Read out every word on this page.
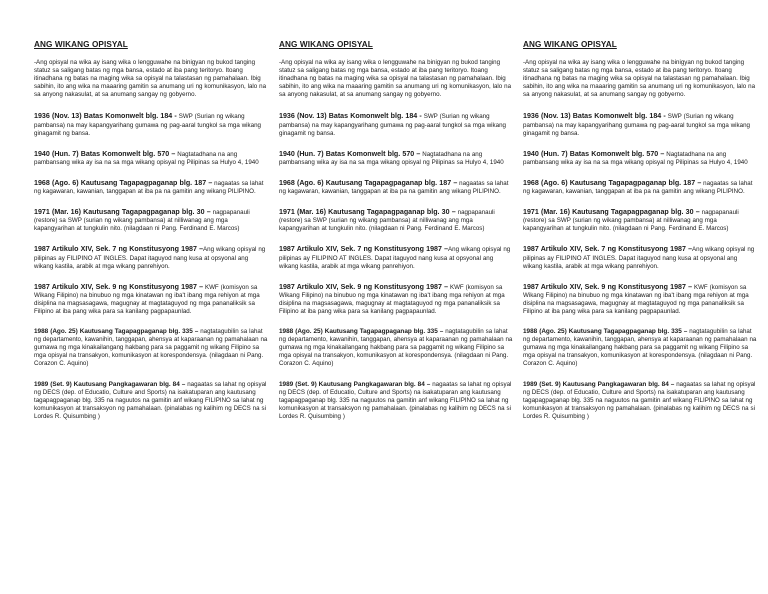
ANG WIKANG OPISYAL
-Ang opisyal na wika ay isang wika o lengguwahe na binigyan ng bukod tanging statuz sa saligang batas ng mga bansa, estado at iba pang teritoryo. Itoang itinadhana ng batas na maging wika sa opisyal na talastasan ng pamahalaan. Ibig sabihin, ito ang wika na maaaring gamitin sa anumang uri ng komunikasyon, lalo na sa anyong nakasulat, at sa anumang sangay ng gobyerno.
1936 (Nov. 13) Batas Komonwelt blg. 184 - SWP (Surian ng wikang pambansa) na may kapangyarihang gumawa ng pag-aaral tungkol sa mga wikang ginagamit ng bansa.
1940 (Hun. 7) Batas Komonwelt blg. 570 – Nagtatadhana na ang pambansang wika ay isa na sa mga wikang opisyal ng Pilipinas sa Hulyo 4, 1940
1968 (Ago. 6) Kautusang Tagapagpaganap blg. 187 – nagaatas sa lahat ng kagawaran, kawanian, tanggapan at iba pa na gamitin ang wikang PILIPINO.
1971 (Mar. 16) Kautusang Tagapagpaganap blg. 30 – nagpapanauli (restore) sa SWP (surian ng wikang pambansa) at nilliwanag ang mga kapangyarihan at tungkulin nito. (nilagdaan ni Pang. Ferdinand E. Marcos)
1987 Artikulo XIV, Sek. 7 ng Konstitusyong 1987 –Ang wikang opisyal ng pilipinas ay FILIPINO AT INGLES. Dapat itaguyod nang kusa at opsyonal ang wikang kastila, arabik at mga wikang panrehiyon.
1987 Artikulo XIV, Sek. 9 ng Konstitusyong 1987 – KWF (komisyon sa Wikang Filipino) na binubuo ng mga kinatawan ng iba't ibang mga rehiyon at mga disiplina na magsasagawa, magugnay at magtataguyod ng mga pananaliksik sa Filipino at iba pang wika para sa kanilang pagpapaunlad.
1988 (Ago. 25) Kautusang Tagapagpaganap blg. 335 – nagtatagubilin sa lahat ng departamento, kawanihin, tanggapan, ahensya at kaparaanan ng pamahalaan na gumawa ng mga kinakailangang hakbang para sa paggamit ng wikang Filipino sa mga opisyal na transakyon, komunikasyon at korespondensya. (nilagdaan ni Pang. Corazon C. Aquino)
1989 (Set. 9) Kautusang Pangkagawaran blg. 84 – nagaatas sa lahat ng opisyal ng DECS (dep. of Educatio, Culture and Sports) na isakatuparan ang kautusang tagapagpaganap blg. 335 na naguutos na gamitin anf wikang FILIPINO sa lahat ng komunikasyon at transaksyon ng pamahalaan. (pinalabas ng kalihim ng DECS na si Lordes R. Quisumbing )
ANG WIKANG OPISYAL
-Ang opisyal na wika ay isang wika o lengguwahe na binigyan ng bukod tanging statuz sa saligang batas ng mga bansa, estado at iba pang teritoryo. Itoang itinadhana ng batas na maging wika sa opisyal na talastasan ng pamahalaan. Ibig sabihin, ito ang wika na maaaring gamitin sa anumang uri ng komunikasyon, lalo na sa anyong nakasulat, at sa anumang sangay ng gobyerno.
1936 (Nov. 13) Batas Komonwelt blg. 184 - SWP (Surian ng wikang pambansa) na may kapangyarihang gumawa ng pag-aaral tungkol sa mga wikang ginagamit ng bansa.
1940 (Hun. 7) Batas Komonwelt blg. 570 – Nagtatadhana na ang pambansang wika ay isa na sa mga wikang opisyal ng Pilipinas sa Hulyo 4, 1940
1968 (Ago. 6) Kautusang Tagapagpaganap blg. 187 – nagaatas sa lahat ng kagawaran, kawanian, tanggapan at iba pa na gamitin ang wikang PILIPINO.
1971 (Mar. 16) Kautusang Tagapagpaganap blg. 30 – nagpapanauli (restore) sa SWP (surian ng wikang pambansa) at nilliwanag ang mga kapangyarihan at tungkulin nito. (nilagdaan ni Pang. Ferdinand E. Marcos)
1987 Artikulo XIV, Sek. 7 ng Konstitusyong 1987 –Ang wikang opisyal ng pilipinas ay FILIPINO AT INGLES. Dapat itaguyod nang kusa at opsyonal ang wikang kastila, arabik at mga wikang panrehiyon.
1987 Artikulo XIV, Sek. 9 ng Konstitusyong 1987 – KWF (komisyon sa Wikang Filipino) na binubuo ng mga kinatawan ng iba't ibang mga rehiyon at mga disiplina na magsasagawa, magugnay at magtataguyod ng mga pananaliksik sa Filipino at iba pang wika para sa kanilang pagpapaunlad.
1988 (Ago. 25) Kautusang Tagapagpaganap blg. 335 – nagtatagubilin sa lahat ng departamento, kawanihin, tanggapan, ahensya at kaparaanan ng pamahalaan na gumawa ng mga kinakailangang hakbang para sa paggamit ng wikang Filipino sa mga opisyal na transakyon, komunikasyon at korespondensya. (nilagdaan ni Pang. Corazon C. Aquino)
1989 (Set. 9) Kautusang Pangkagawaran blg. 84 – nagaatas sa lahat ng opisyal ng DECS (dep. of Educatio, Culture and Sports) na isakatuparan ang kautusang tagapagpaganap blg. 335 na naguutos na gamitin anf wikang FILIPINO sa lahat ng komunikasyon at transaksyon ng pamahalaan. (pinalabas ng kalihim ng DECS na si Lordes R. Quisumbing )
ANG WIKANG OPISYAL
-Ang opisyal na wika ay isang wika o lengguwahe na binigyan ng bukod tanging statuz sa saligang batas ng mga bansa, estado at iba pang teritoryo. Itoang itinadhana ng batas na maging wika sa opisyal na talastasan ng pamahalaan. Ibig sabihin, ito ang wika na maaaring gamitin sa anumang uri ng komunikasyon, lalo na sa anyong nakasulat, at sa anumang sangay ng gobyerno.
1936 (Nov. 13) Batas Komonwelt blg. 184 - SWP (Surian ng wikang pambansa) na may kapangyarihang gumawa ng pag-aaral tungkol sa mga wikang ginagamit ng bansa.
1940 (Hun. 7) Batas Komonwelt blg. 570 – Nagtatadhana na ang pambansang wika ay isa na sa mga wikang opisyal ng Pilipinas sa Hulyo 4, 1940
1968 (Ago. 6) Kautusang Tagapagpaganap blg. 187 – nagaatas sa lahat ng kagawaran, kawanian, tanggapan at iba pa na gamitin ang wikang PILIPINO.
1971 (Mar. 16) Kautusang Tagapagpaganap blg. 30 – nagpapanauli (restore) sa SWP (surian ng wikang pambansa) at nilliwanag ang mga kapangyarihan at tungkulin nito. (nilagdaan ni Pang. Ferdinand E. Marcos)
1987 Artikulo XIV, Sek. 7 ng Konstitusyong 1987 –Ang wikang opisyal ng pilipinas ay FILIPINO AT INGLES. Dapat itaguyod nang kusa at opsyonal ang wikang kastila, arabik at mga wikang panrehiyon.
1987 Artikulo XIV, Sek. 9 ng Konstitusyong 1987 – KWF (komisyon sa Wikang Filipino) na binubuo ng mga kinatawan ng iba't ibang mga rehiyon at mga disiplina na magsasagawa, magugnay at magtataguyod ng mga pananaliksik sa Filipino at iba pang wika para sa kanilang pagpapaunlad.
1988 (Ago. 25) Kautusang Tagapagpaganap blg. 335 – nagtatagubilin sa lahat ng departamento, kawanihin, tanggapan, ahensya at kaparaanan ng pamahalaan na gumawa ng mga kinakailangang hakbang para sa paggamit ng wikang Filipino sa mga opisyal na transakyon, komunikasyon at korespondensya. (nilagdaan ni Pang. Corazon C. Aquino)
1989 (Set. 9) Kautusang Pangkagawaran blg. 84 – nagaatas sa lahat ng opisyal ng DECS (dep. of Educatio, Culture and Sports) na isakatuparan ang kautusang tagapagpaganap blg. 335 na naguutos na gamitin anf wikang FILIPINO sa lahat ng komunikasyon at transaksyon ng pamahalaan. (pinalabas ng kalihim ng DECS na si Lordes R. Quisumbing )
